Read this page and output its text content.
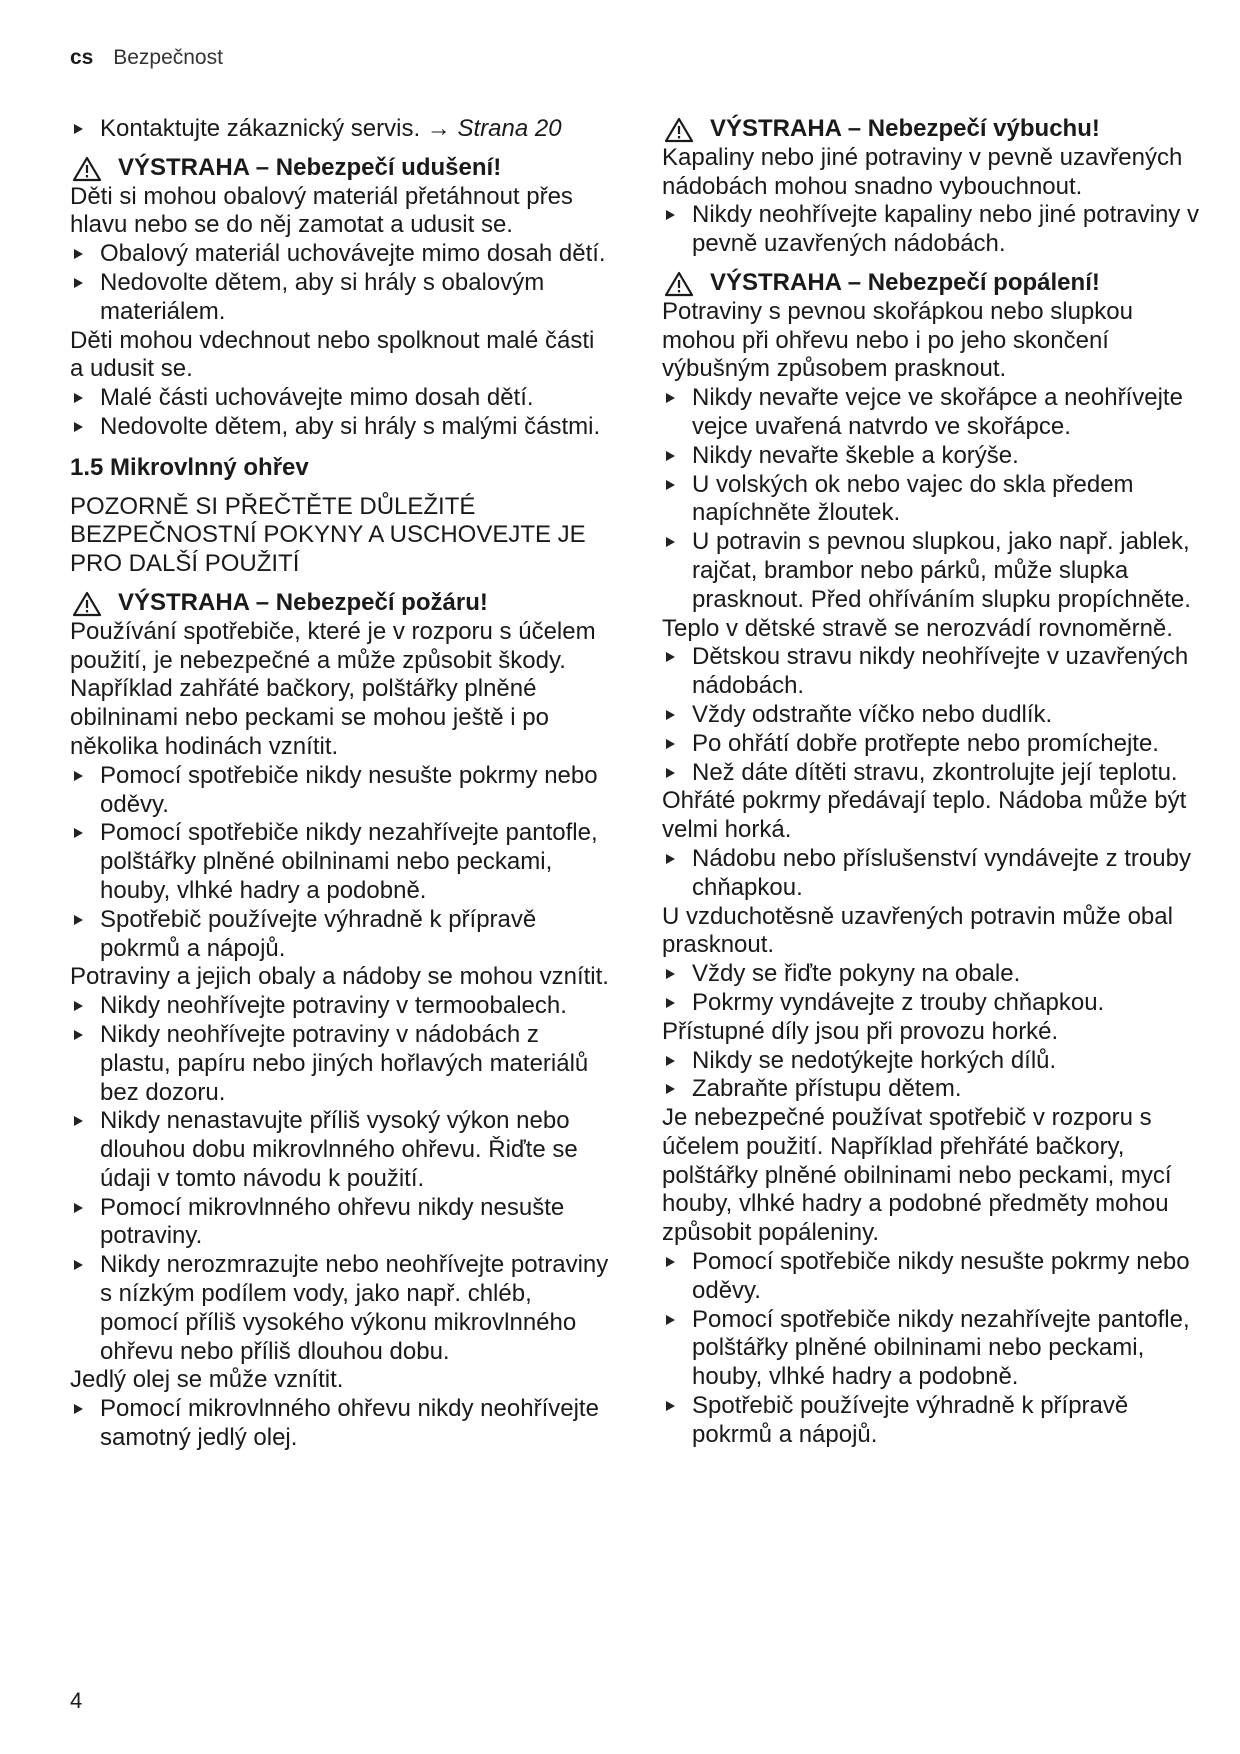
cs Bezpečnost

Kontaktujte zákaznický servis. → Strana 20

VÝSTRAHA – Nebezpečí udušení!

Děti si mohou obalový materiál přetáhnout přes hlavu nebo se do něj zamotat a udusit se.

Obalový materiál uchovávejte mimo dosah dětí.

Nedovolte dětem, aby si hrály s obalovým materiálem.

Děti mohou vdechnout nebo spolknout malé části a udusit se.

Malé části uchovávejte mimo dosah dětí.

Nedovolte dětem, aby si hrály s malými částmi.

1.5 Mikrovlnný ohřev

POZORNĚ SI PŘEČTĚTE DŮLEŽITÉ BEZPEČNOSTNÍ POKYNY A USCHOVEJTE JE PRO DALŠÍ POUŽITÍ

VÝSTRAHA – Nebezpečí požáru!

Používání spotřebiče, které je v rozporu s účelem použití, je nebezpečné a může způsobit škody. Například zahřáté bačkory, polštářky plněné obilninami nebo peckami se mohou ještě i po několika hodinách vznítit.

Pomocí spotřebiče nikdy nesušte pokrmy nebo oděvy.

Pomocí spotřebiče nikdy nezahřívejte pantofle, polštářky plněné obilninami nebo peckami, houby, vlhké hadry a podobně.

Spotřebič používejte výhradně k přípravě pokrmů a nápojů.

Potraviny a jejich obaly a nádoby se mohou vznítit.

Nikdy neohřívejte potraviny v termoobalech.

Nikdy neohřívejte potraviny v nádobách z plastu, papíru nebo jiných hořlavých materiálů bez dozoru.

Nikdy nenastavujte příliš vysoký výkon nebo dlouhou dobu mikrovlnného ohřevu. Řiďte se údaji v tomto návodu k použití.

Pomocí mikrovlnného ohřevu nikdy nesušte potraviny.

Nikdy nerozmrazujte nebo neohřívejte potraviny s nízkým podílem vody, jako např. chléb, pomocí příliš vysokého výkonu mikrovlnného ohřevu nebo příliš dlouhou dobu.

Jedlý olej se může vznítit.

Pomocí mikrovlnného ohřevu nikdy neohřívejte samotný jedlý olej.

VÝSTRAHA – Nebezpečí výbuchu!

Kapaliny nebo jiné potraviny v pevně uzavřených nádobách mohou snadno vybouchnout.

Nikdy neohřívejte kapaliny nebo jiné potraviny v pevně uzavřených nádobách.

VÝSTRAHA – Nebezpečí popálení!

Potraviny s pevnou skořápkou nebo slupkou mohou při ohřevu nebo i po jeho skončení výbušným způsobem prasknout.

Nikdy nevařte vejce ve skořápce a neohřívejte vejce uvařená natvrdo ve skořápce.

Nikdy nevařte škeble a korýše.

U volských ok nebo vajec do skla předem napíchněte žloutek.

U potravin s pevnou slupkou, jako např. jablek, rajčat, brambor nebo párků, může slupka prasknout. Před ohříváním slupku propíchněte.

Teplo v dětské stravě se nerozvádí rovnoměrně.

Dětskou stravu nikdy neohřívejte v uzavřených nádobách.

Vždy odstraňte víčko nebo dudlík.

Po ohřátí dobře protřepte nebo promíchejte.

Než dáte dítěti stravu, zkontrolujte její teplotu.

Ohřáté pokrmy předávají teplo. Nádoba může být velmi horká.

Nádobu nebo příslušenství vyndávejte z trouby chňapkou.

U vzduchotěsně uzavřených potravin může obal prasknout.

Vždy se řiďte pokyny na obale.

Pokrmy vyndávejte z trouby chňapkou.

Přístupné díly jsou při provozu horké.

Nikdy se nedotýkejte horkých dílů.

Zabraňte přístupu dětem.

Je nebezpečné používat spotřebič v rozporu s účelem použití. Například přehřáté bačkory, polštářky plněné obilninami nebo peckami, mycí houby, vlhké hadry a podobné předměty mohou způsobit popáleniny.

Pomocí spotřebiče nikdy nesušte pokrmy nebo oděvy.

Pomocí spotřebiče nikdy nezahřívejte pantofle, polštářky plněné obilninami nebo peckami, houby, vlhké hadry a podobně.

Spotřebič používejte výhradně k přípravě pokrmů a nápojů.

4
